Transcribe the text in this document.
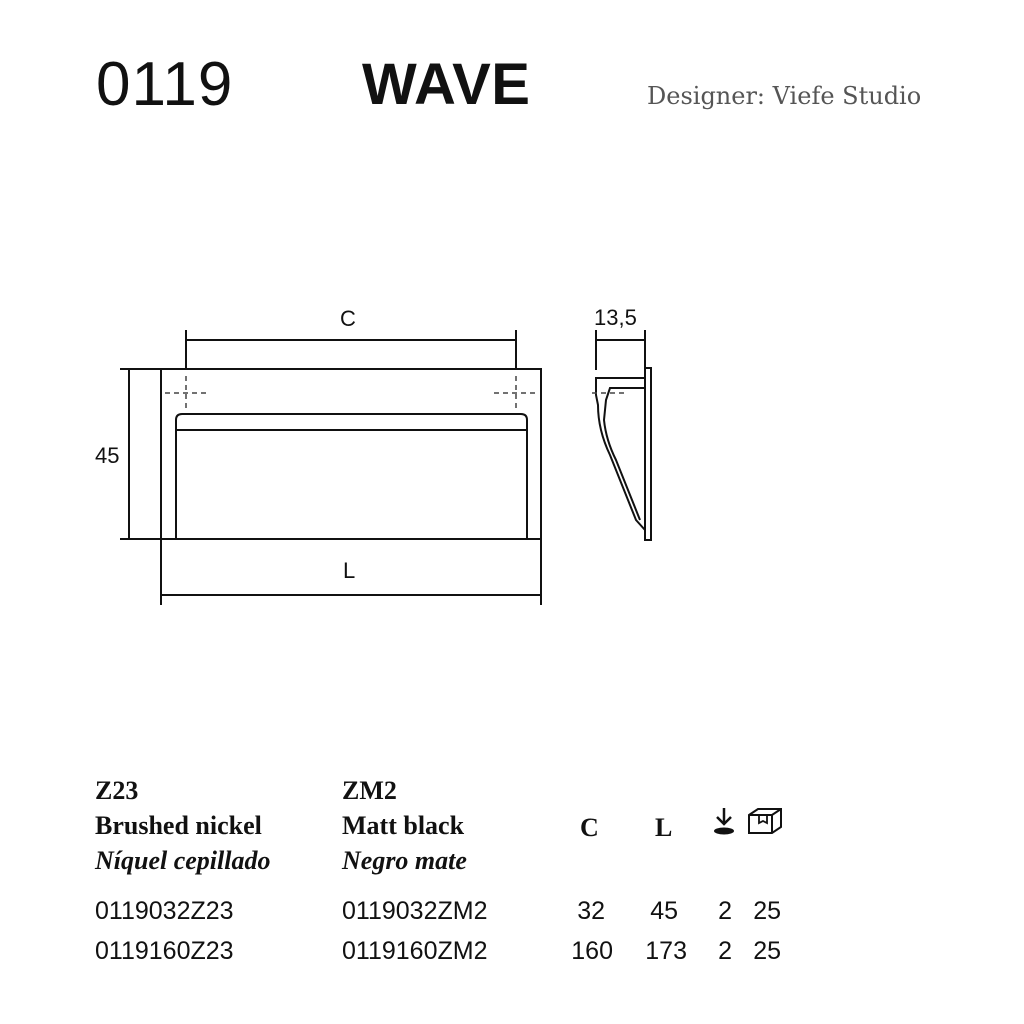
0119 WAVE	Designer: Viefe Studio
C
45
L
13,5
Z23
Brushed nickel
Níquel cepillado
ZM2
Matt black
Negro mate
C L
0119032Z23	0119032ZM2	32	45	2 25
0119160Z23	0119160ZM2	160	173	2 25
